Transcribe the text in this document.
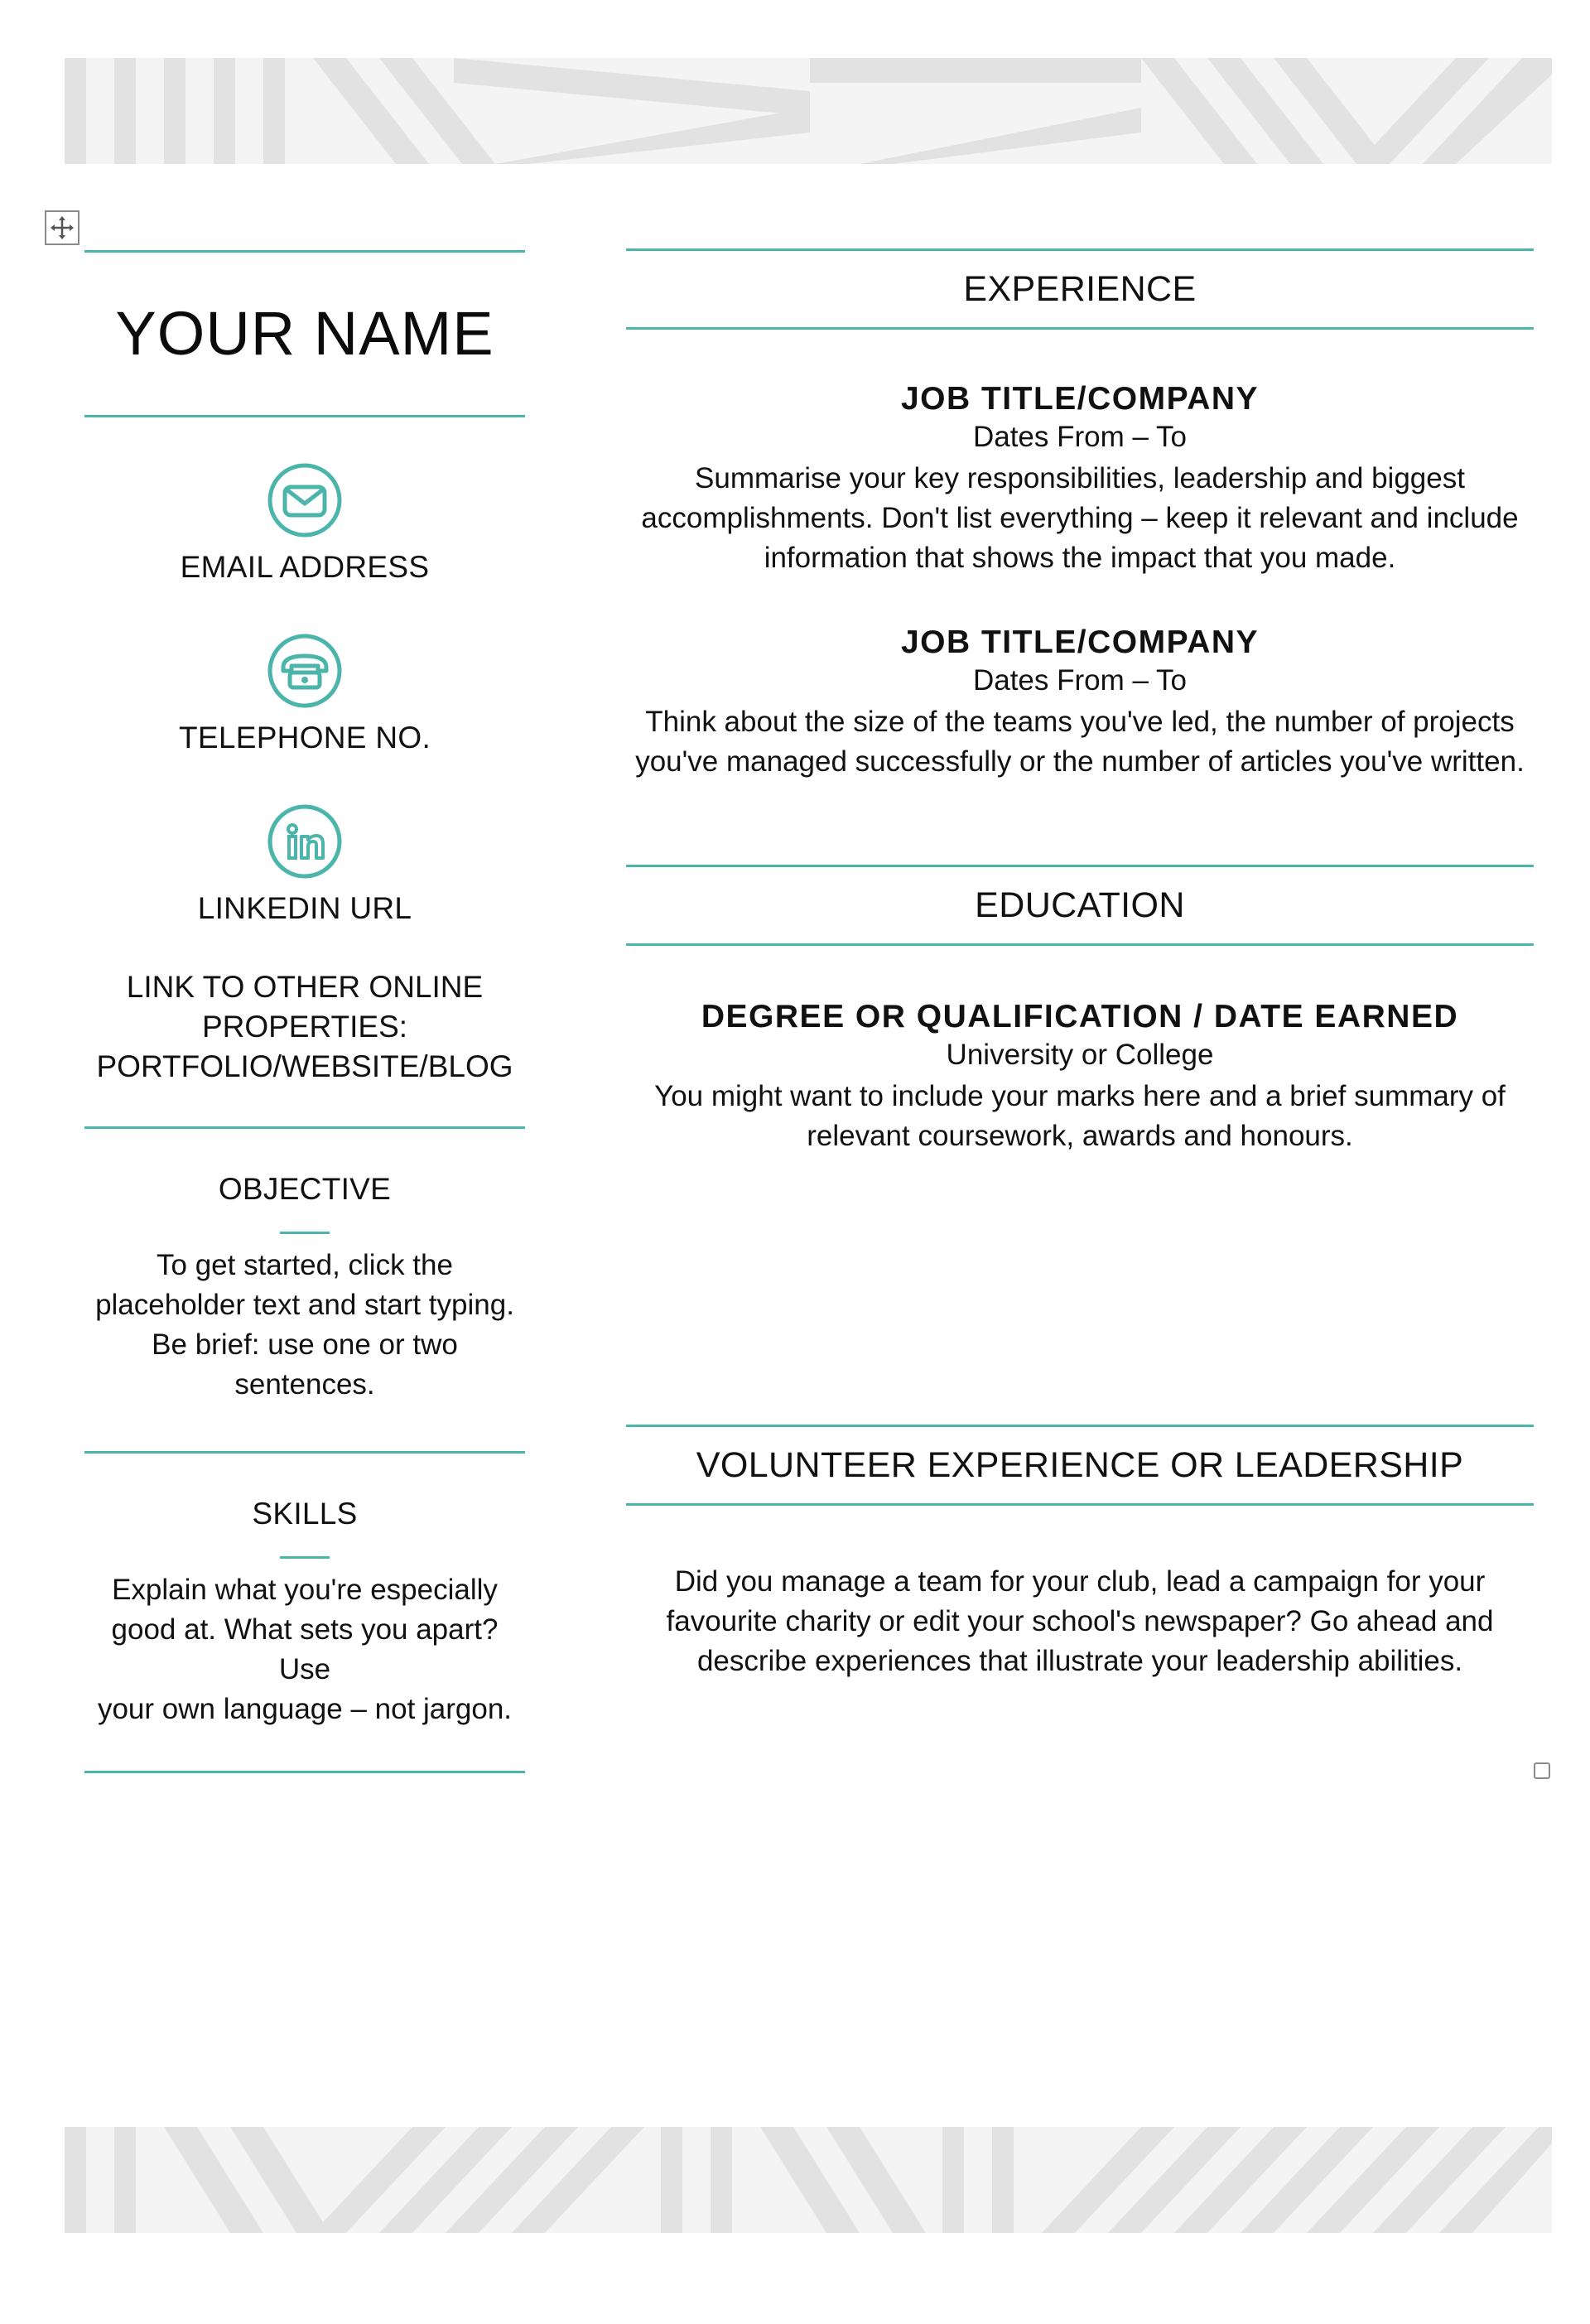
YOUR NAME
EMAIL ADDRESS
TELEPHONE NO.
LINKEDIN URL
LINK TO OTHER ONLINE
PROPERTIES:
PORTFOLIO/WEBSITE/BLOG
OBJECTIVE
To get started, click the
placeholder text and start typing.
Be brief: use one or two
sentences.
SKILLS
Explain what you're especially
good at. What sets you apart? Use
your own language – not jargon.
EXPERIENCE
JOB TITLE/COMPANY
Dates From – To
Summarise your key responsibilities, leadership and biggest
accomplishments. Don't list everything – keep it relevant and include
information that shows the impact that you made.
JOB TITLE/COMPANY
Dates From – To
Think about the size of the teams you've led, the number of projects
you've managed successfully or the number of articles you've written.
EDUCATION
DEGREE OR QUALIFICATION / DATE EARNED
University or College
You might want to include your marks here and a brief summary of
relevant coursework, awards and honours.
VOLUNTEER EXPERIENCE OR LEADERSHIP
Did you manage a team for your club, lead a campaign for your
favourite charity or edit your school's newspaper? Go ahead and
describe experiences that illustrate your leadership abilities.
